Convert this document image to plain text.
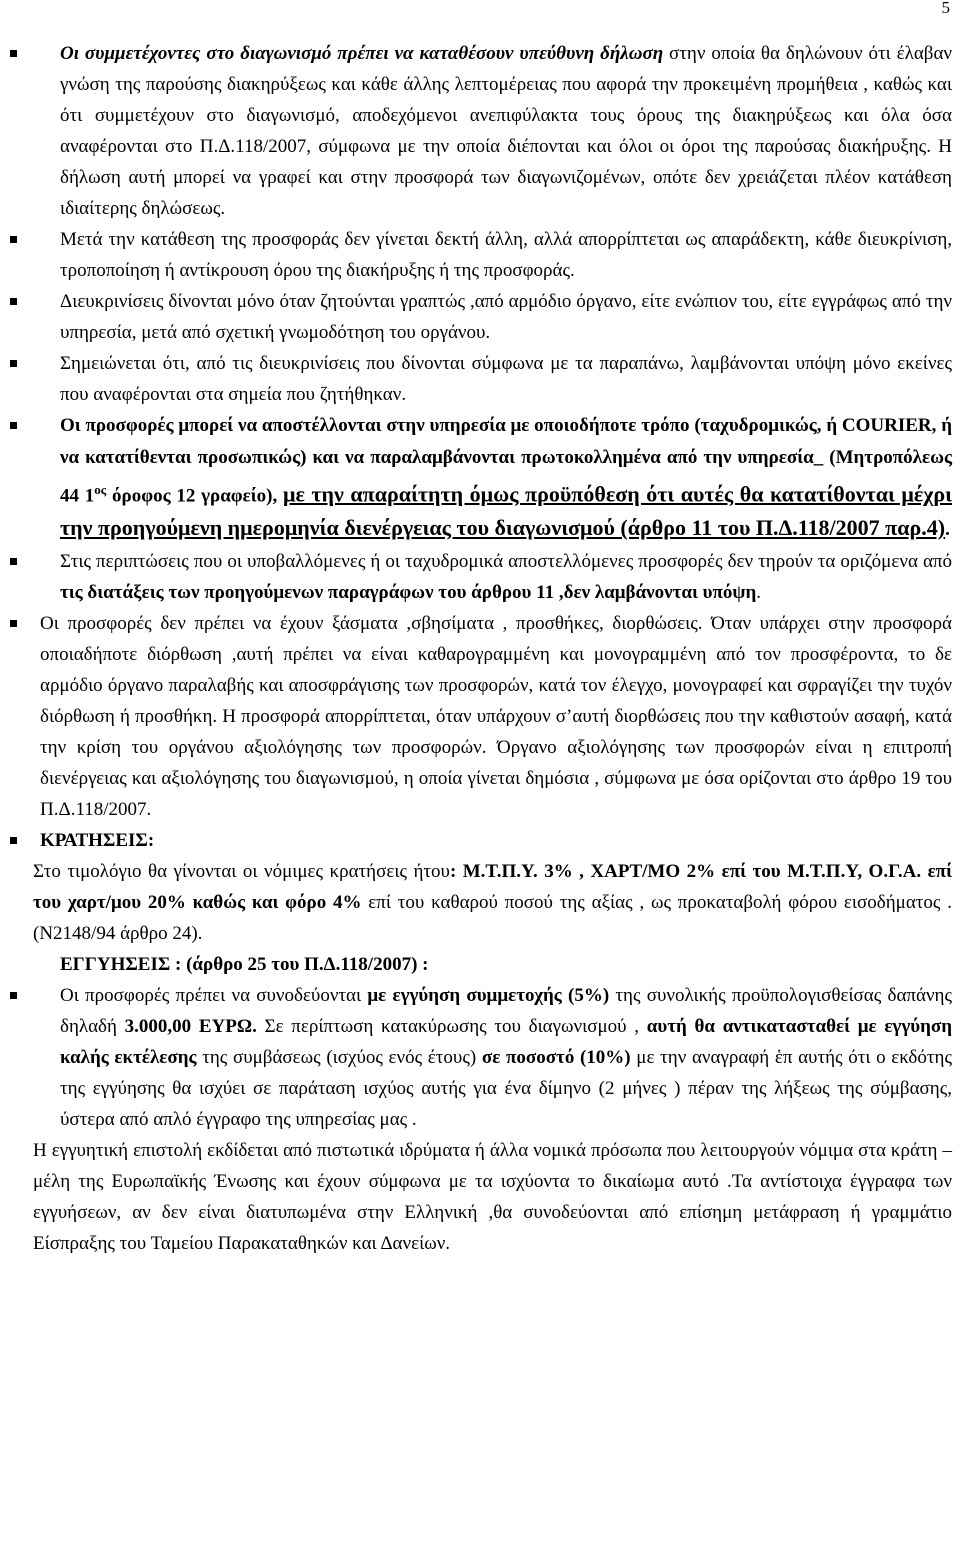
5
Οι συμμετέχοντες στο διαγωνισμό πρέπει να καταθέσουν υπεύθυνη δήλωση στην οποία θα δηλώνουν ότι έλαβαν γνώση της παρούσης διακηρύξεως και κάθε άλλης λεπτομέρειας που αφορά την προκειμένη προμήθεια , καθώς και ότι συμμετέχουν στο διαγωνισμό, αποδεχόμενοι ανεπιφύλακτα τους όρους της διακηρύξεως και όλα όσα αναφέρονται στο Π.Δ.118/2007, σύμφωνα με την οποία διέπονται και όλοι οι όροι της παρούσας διακήρυξης. Η δήλωση αυτή μπορεί να γραφεί και στην προσφορά των διαγωνιζομένων, οπότε δεν χρειάζεται πλέον κατάθεση ιδιαίτερης δηλώσεως.
Μετά την κατάθεση της προσφοράς δεν γίνεται δεκτή άλλη, αλλά απορρίπτεται ως απαράδεκτη, κάθε διευκρίνιση, τροποποίηση ή αντίκρουση όρου της διακήρυξης ή της προσφοράς.
Διευκρινίσεις δίνονται μόνο όταν ζητούνται γραπτώς ,από αρμόδιο όργανο, είτε ενώπιον του, είτε εγγράφως από την υπηρεσία, μετά από σχετική γνωμοδότηση του οργάνου.
Σημειώνεται ότι, από τις διευκρινίσεις που δίνονται σύμφωνα με τα παραπάνω, λαμβάνονται υπόψη μόνο εκείνες που αναφέρονται στα σημεία που ζητήθηκαν.
Οι προσφορές μπορεί να αποστέλλονται στην υπηρεσία με οποιοδήποτε τρόπο (ταχυδρομικώς, ή COURIER, ή να κατατίθενται προσωπικώς) και να παραλαμβάνονται πρωτοκολλημένα από την υπηρεσία_ (Μητροπόλεως 44 $1^{o\varsigma}$ όροφος 12 γραφείο), με την απαραίτητη όμως προϋπόθεση ότι αυτές θα κατατίθονται μέχρι την προηγούμενη ημερομηνία διενέργειας του διαγωνισμού (άρθρο 11 του Π.Δ.118/2007 παρ.4).
Στις περιπτώσεις που οι υποβαλλόμενες ή οι ταχυδρομικά αποστελλόμενες προσφορές δεν τηρούν τα οριζόμενα από τις διατάξεις των προηγούμενων παραγράφων του άρθρου 11 ,δεν λαμβάνονται υπόψη.
Οι προσφορές δεν πρέπει να έχουν ξάσματα ,σβησίματα , προσθήκες, διορθώσεις. Όταν υπάρχει στην προσφορά οποιαδήποτε διόρθωση ,αυτή πρέπει να είναι καθαρογραμμένη και μονογραμμένη από τον προσφέροντα, το δε αρμόδιο όργανο παραλαβής και αποσφράγισης των προσφορών, κατά τον έλεγχο, μονογραφεί και σφραγίζει την τυχόν διόρθωση ή προσθήκη. Η προσφορά απορρίπτεται, όταν υπάρχουν σ’αυτή διορθώσεις που την καθιστούν ασαφή, κατά την κρίση του οργάνου αξιολόγησης των προσφορών. Όργανο αξιολόγησης των προσφορών είναι η επιτροπή διενέργειας και αξιολόγησης του διαγωνισμού, η οποία γίνεται δημόσια , σύμφωνα με όσα ορίζονται στο άρθρο 19 του Π.Δ.118/2007.
ΚΡΑΤΗΣΕΙΣ:
Στο τιμολόγιο θα γίνονται οι νόμιμες κρατήσεις ήτου: Μ.Τ.Π.Υ. 3% , ΧΑΡΤ/ΜΟ 2% επί του Μ.Τ.Π.Υ, Ο.Γ.Α. επί του χαρτ/μου 20% καθώς και φόρο 4% επί του καθαρού ποσού της αξίας , ως προκαταβολή φόρου εισοδήματος .(Ν2148/94 άρθρο 24).
ΕΓΓΥΗΣΕΙΣ : (άρθρο 25 του Π.Δ.118/2007) :
Οι προσφορές πρέπει να συνοδεύονται με εγγύηση συμμετοχής (5%) της συνολικής προϋπολογισθείσας δαπάνης δηλαδή 3.000,00 ΕΥΡΩ. Σε περίπτωση κατακύρωσης του διαγωνισμού , αυτή θα αντικατασταθεί με εγγύηση καλής εκτέλεσης της συμβάσεως (ισχύος ενός έτους) σε ποσοστό (10%) με την αναγραφή ἑπ αυτής ότι ο εκδότης της εγγύησης θα ισχύει σε παράταση ισχύος αυτής για ένα δίμηνο (2 μήνες ) πέραν της λήξεως της σύμβασης, ύστερα από απλό έγγραφο της υπηρεσίας μας .
Η εγγυητική επιστολή εκδίδεται από πιστωτικά ιδρύματα ή άλλα νομικά πρόσωπα που λειτουργούν νόμιμα στα κράτη – μέλη της Ευρωπαϊκής Ένωσης και έχουν σύμφωνα με τα ισχύοντα το δικαίωμα αυτό .Τα αντίστοιχα έγγραφα των εγγυήσεων, αν δεν είναι διατυπωμένα στην Ελληνική ,θα συνοδεύονται από επίσημη μετάφραση ή γραμμάτιο Είσπραξης του Ταμείου Παρακαταθηκών και Δανείων.
